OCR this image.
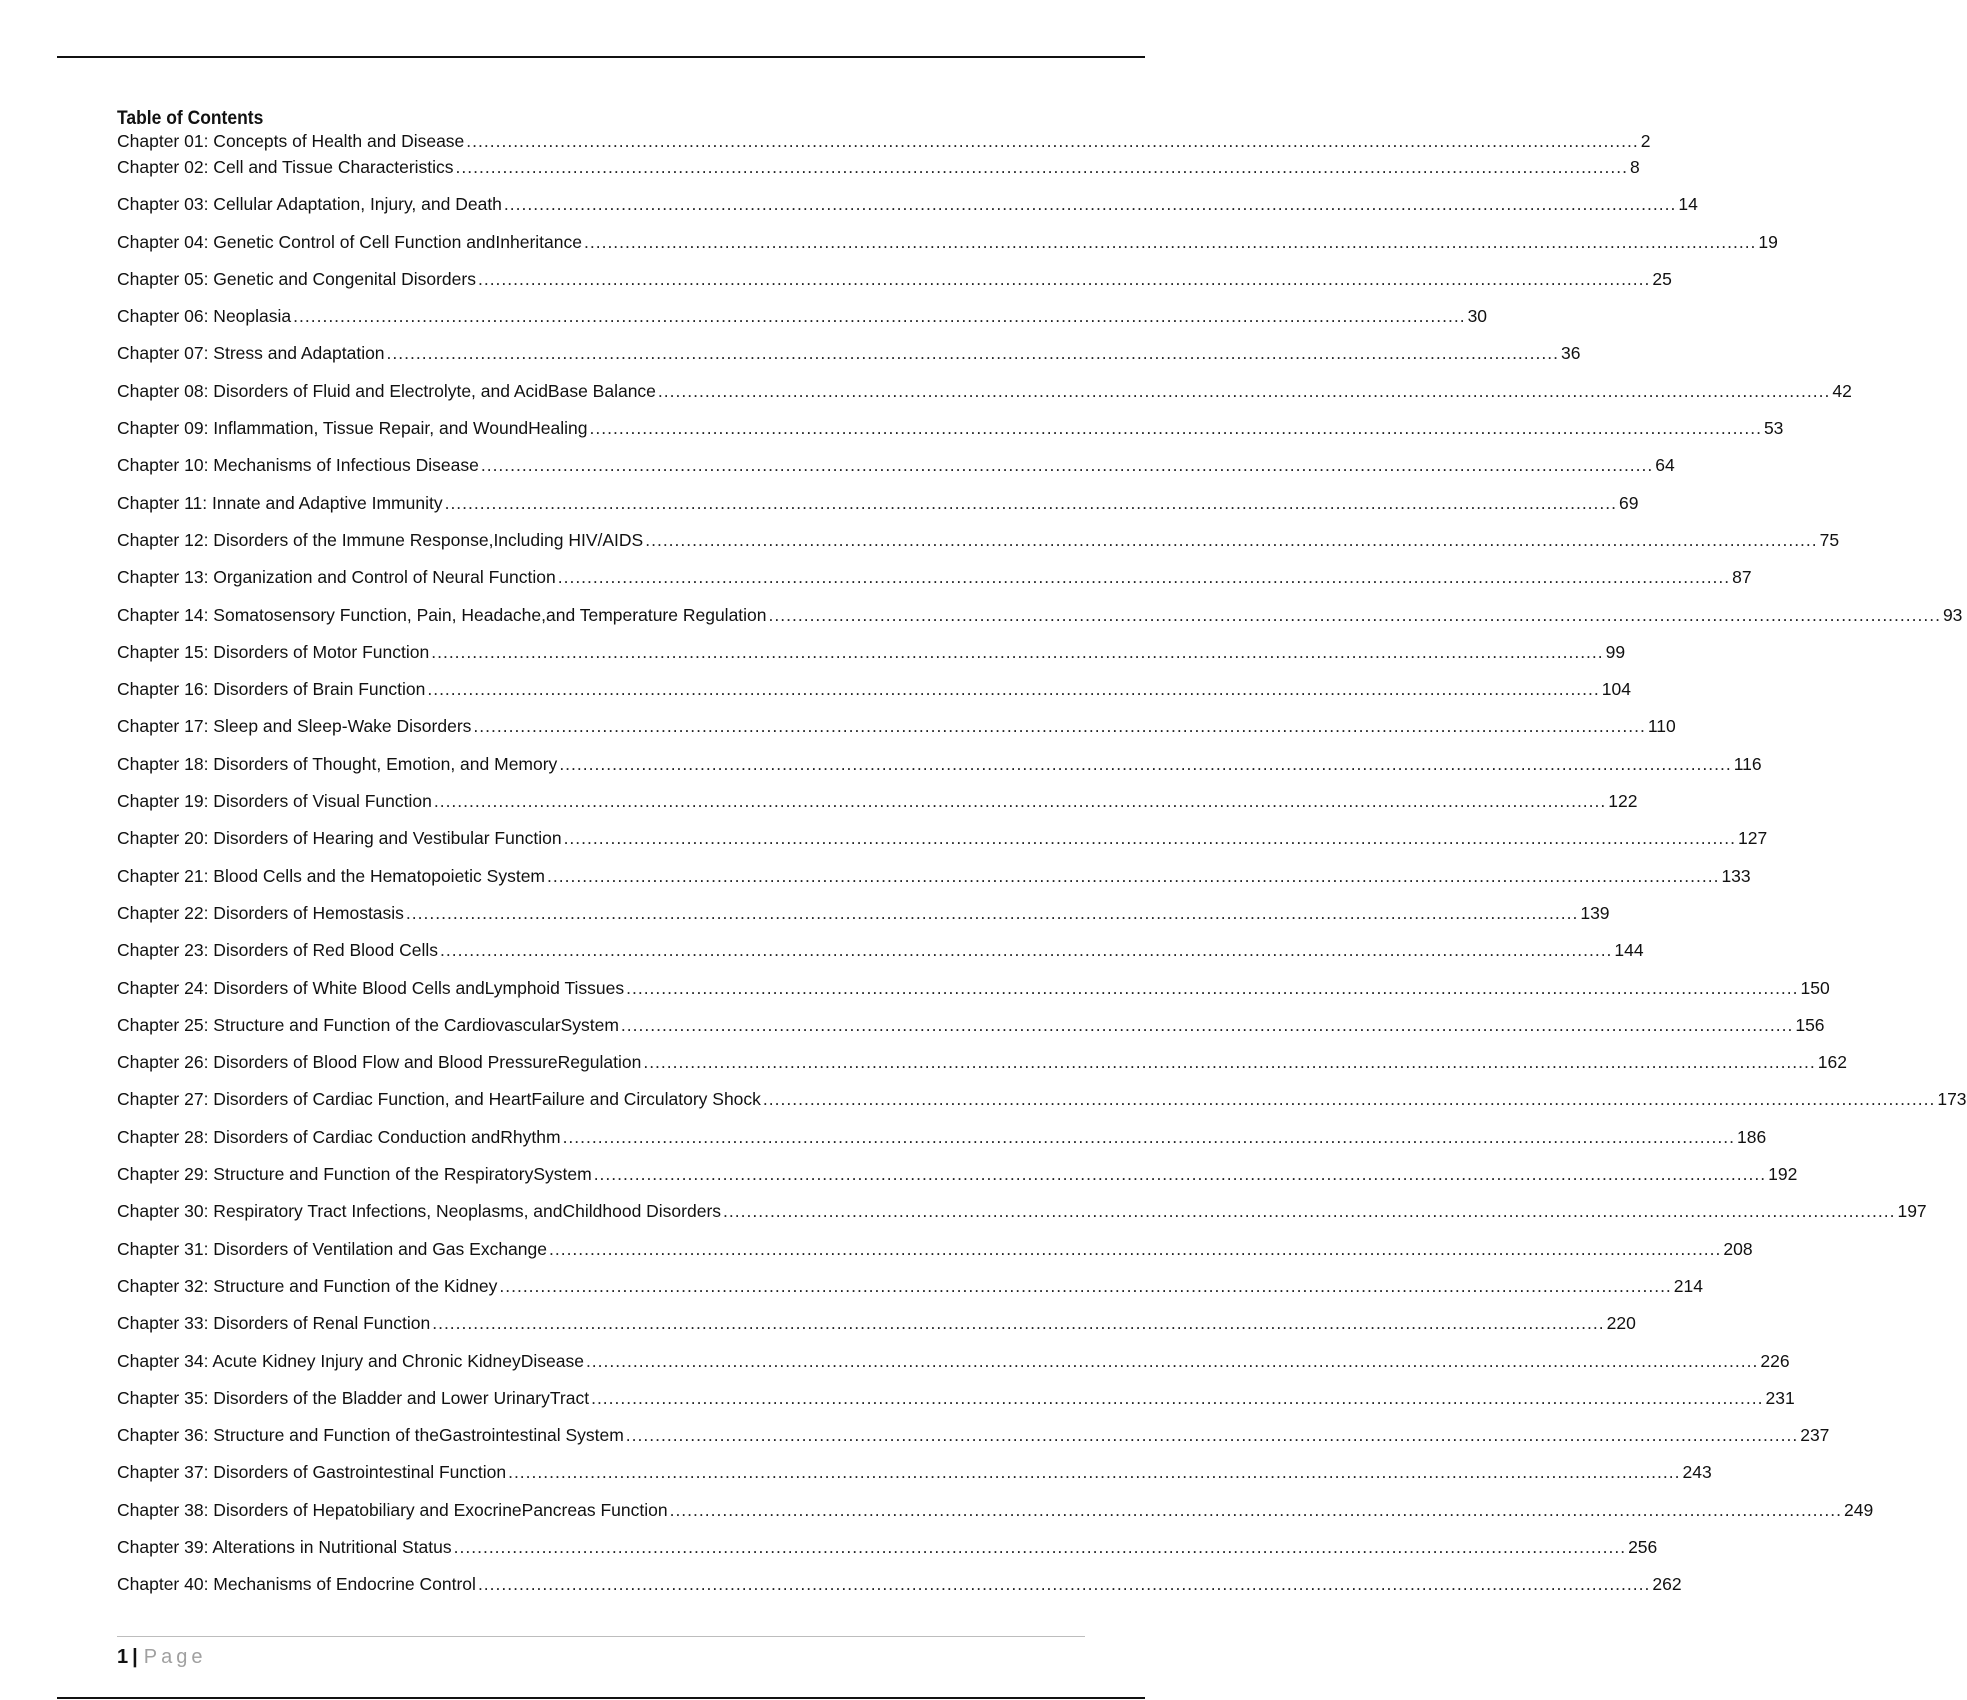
Table of Contents
Chapter 01: Concepts of Health and Disease .....	2
Chapter 02: Cell and Tissue Characteristics .....	8
Chapter 03: Cellular Adaptation, Injury, and Death .....	14
Chapter 04: Genetic Control of Cell Function andInheritance .....	19
Chapter 05: Genetic and Congenital Disorders .....	25
Chapter 06: Neoplasia .....	30
Chapter 07: Stress and Adaptation .....	36
Chapter 08: Disorders of Fluid and Electrolyte, and AcidBase Balance .....	42
Chapter 09: Inflammation, Tissue Repair, and WoundHealing .....	53
Chapter 10: Mechanisms of Infectious Disease .....	64
Chapter 11: Innate and Adaptive Immunity .....	69
Chapter 12: Disorders of the Immune Response,Including HIV/AIDS .....	75
Chapter 13: Organization and Control of Neural Function .....	87
Chapter 14: Somatosensory Function, Pain, Headache,and Temperature Regulation .....	93
Chapter 15: Disorders of Motor Function .....	99
Chapter 16: Disorders of Brain Function .....	104
Chapter 17: Sleep and Sleep-Wake Disorders .....	110
Chapter 18: Disorders of Thought, Emotion, and Memory .....	116
Chapter 19: Disorders of Visual Function .....	122
Chapter 20: Disorders of Hearing and Vestibular Function .....	127
Chapter 21: Blood Cells and the Hematopoietic System .....	133
Chapter 22: Disorders of Hemostasis .....	139
Chapter 23: Disorders of Red Blood Cells .....	144
Chapter 24: Disorders of White Blood Cells andLymphoid Tissues .....	150
Chapter 25: Structure and Function of the CardiovascularSystem .....	156
Chapter 26: Disorders of Blood Flow and Blood PressureRegulation .....	162
Chapter 27: Disorders of Cardiac Function, and HeartFailure and Circulatory Shock .....	173
Chapter 28: Disorders of Cardiac Conduction andRhythm .....	186
Chapter 29: Structure and Function of the RespiratorySystem .....	192
Chapter 30: Respiratory Tract Infections, Neoplasms, andChildhood Disorders .....	197
Chapter 31: Disorders of Ventilation and Gas Exchange .....	208
Chapter 32: Structure and Function of the Kidney .....	214
Chapter 33: Disorders of Renal Function .....	220
Chapter 34: Acute Kidney Injury and Chronic KidneyDisease .....	226
Chapter 35: Disorders of the Bladder and Lower UrinaryTract .....	231
Chapter 36: Structure and Function of theGastrointestinal System .....	237
Chapter 37: Disorders of Gastrointestinal Function .....	243
Chapter 38: Disorders of Hepatobiliary and ExocrinePancreas Function .....	249
Chapter 39: Alterations in Nutritional Status .....	256
Chapter 40: Mechanisms of Endocrine Control .....	262
1 | Page
